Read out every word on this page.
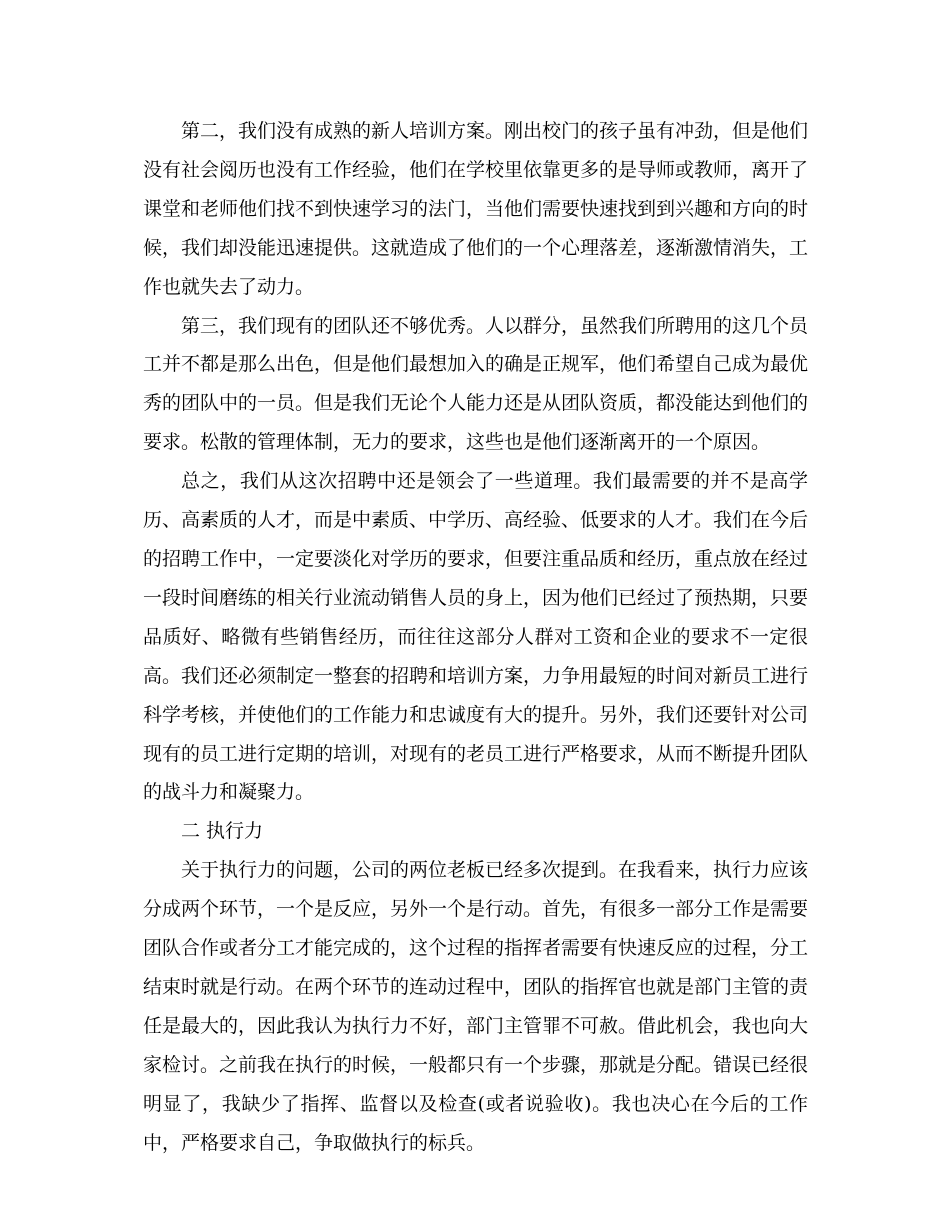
第二，我们没有成熟的新人培训方案。刚出校门的孩子虽有冲劲，但是他们没有社会阅历也没有工作经验，他们在学校里依靠更多的是导师或教师，离开了课堂和老师他们找不到快速学习的法门，当他们需要快速找到到兴趣和方向的时候，我们却没能迅速提供。这就造成了他们的一个心理落差，逐渐激情消失，工作也就失去了动力。

第三，我们现有的团队还不够优秀。人以群分，虽然我们所聘用的这几个员工并不都是那么出色，但是他们最想加入的确是正规军，他们希望自己成为最优秀的团队中的一员。但是我们无论个人能力还是从团队资质，都没能达到他们的要求。松散的管理体制，无力的要求，这些也是他们逐渐离开的一个原因。

总之，我们从这次招聘中还是领会了一些道理。我们最需要的并不是高学历、高素质的人才，而是中素质、中学历、高经验、低要求的人才。我们在今后的招聘工作中，一定要淡化对学历的要求，但要注重品质和经历，重点放在经过一段时间磨练的相关行业流动销售人员的身上，因为他们已经过了预热期，只要品质好、略微有些销售经历，而往往这部分人群对工资和企业的要求不一定很高。我们还必须制定一整套的招聘和培训方案，力争用最短的时间对新员工进行科学考核，并使他们的工作能力和忠诚度有大的提升。另外，我们还要针对公司现有的员工进行定期的培训，对现有的老员工进行严格要求，从而不断提升团队的战斗力和凝聚力。

二 执行力

关于执行力的问题，公司的两位老板已经多次提到。在我看来，执行力应该分成两个环节，一个是反应，另外一个是行动。首先，有很多一部分工作是需要团队合作或者分工才能完成的，这个过程的指挥者需要有快速反应的过程，分工结束时就是行动。在两个环节的连动过程中，团队的指挥官也就是部门主管的责任是最大的，因此我认为执行力不好，部门主管罪不可赦。借此机会，我也向大家检讨。之前我在执行的时候，一般都只有一个步骤，那就是分配。错误已经很明显了，我缺少了指挥、监督以及检查(或者说验收)。我也决心在今后的工作中，严格要求自己，争取做执行的标兵。
